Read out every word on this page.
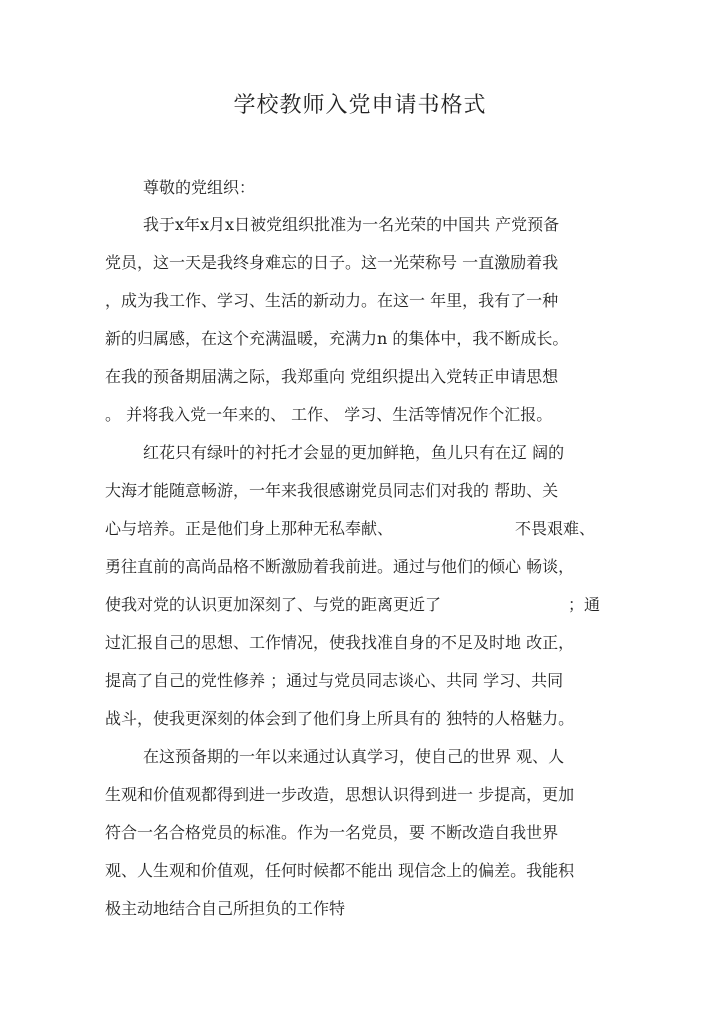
学校教师入党申请书格式
尊敬的党组织：
我于x年x月x日被党组织批准为一名光荣的中国共 产党预备
党员，这一天是我终身难忘的日子。这一光荣称号 一直激励着我
，成为我工作、学习、生活的新动力。在这一 年里，我有了一种
新的归属感，在这个充满温暖，充满力n 的集体中，我不断成长。
在我的预备期届满之际，我郑重向 党组织提出入党转正申请思想
。 并将我入党一年来的、 工作、 学习、生活等情况作个汇报。
红花只有绿叶的衬托才会显的更加鲜艳，鱼儿只有在辽 阔的
大海才能随意畅游，一年来我很感谢党员同志们对我的 帮助、关
心与培养。正是他们身上那种无私奉献、	不畏艰难、
勇往直前的高尚品格不断激励着我前进。通过与他们的倾心 畅谈，
使我对党的认识更加深刻了、与党的距离更近了	；通
过汇报自己的思想、工作情况，使我找准自身的不足及时地 改正，
提高了自己的党性修养 ；通过与党员同志谈心、共同 学习、共同
战斗，使我更深刻的体会到了他们身上所具有的 独特的人格魅力。
在这预备期的一年以来通过认真学习，使自己的世界 观、人
生观和价值观都得到进一步改造，思想认识得到进一 步提高，更加
符合一名合格党员的标准。作为一名党员，要 不断改造自我世界
观、人生观和价值观，任何时候都不能出 现信念上的偏差。我能积
极主动地结合自己所担负的工作特
